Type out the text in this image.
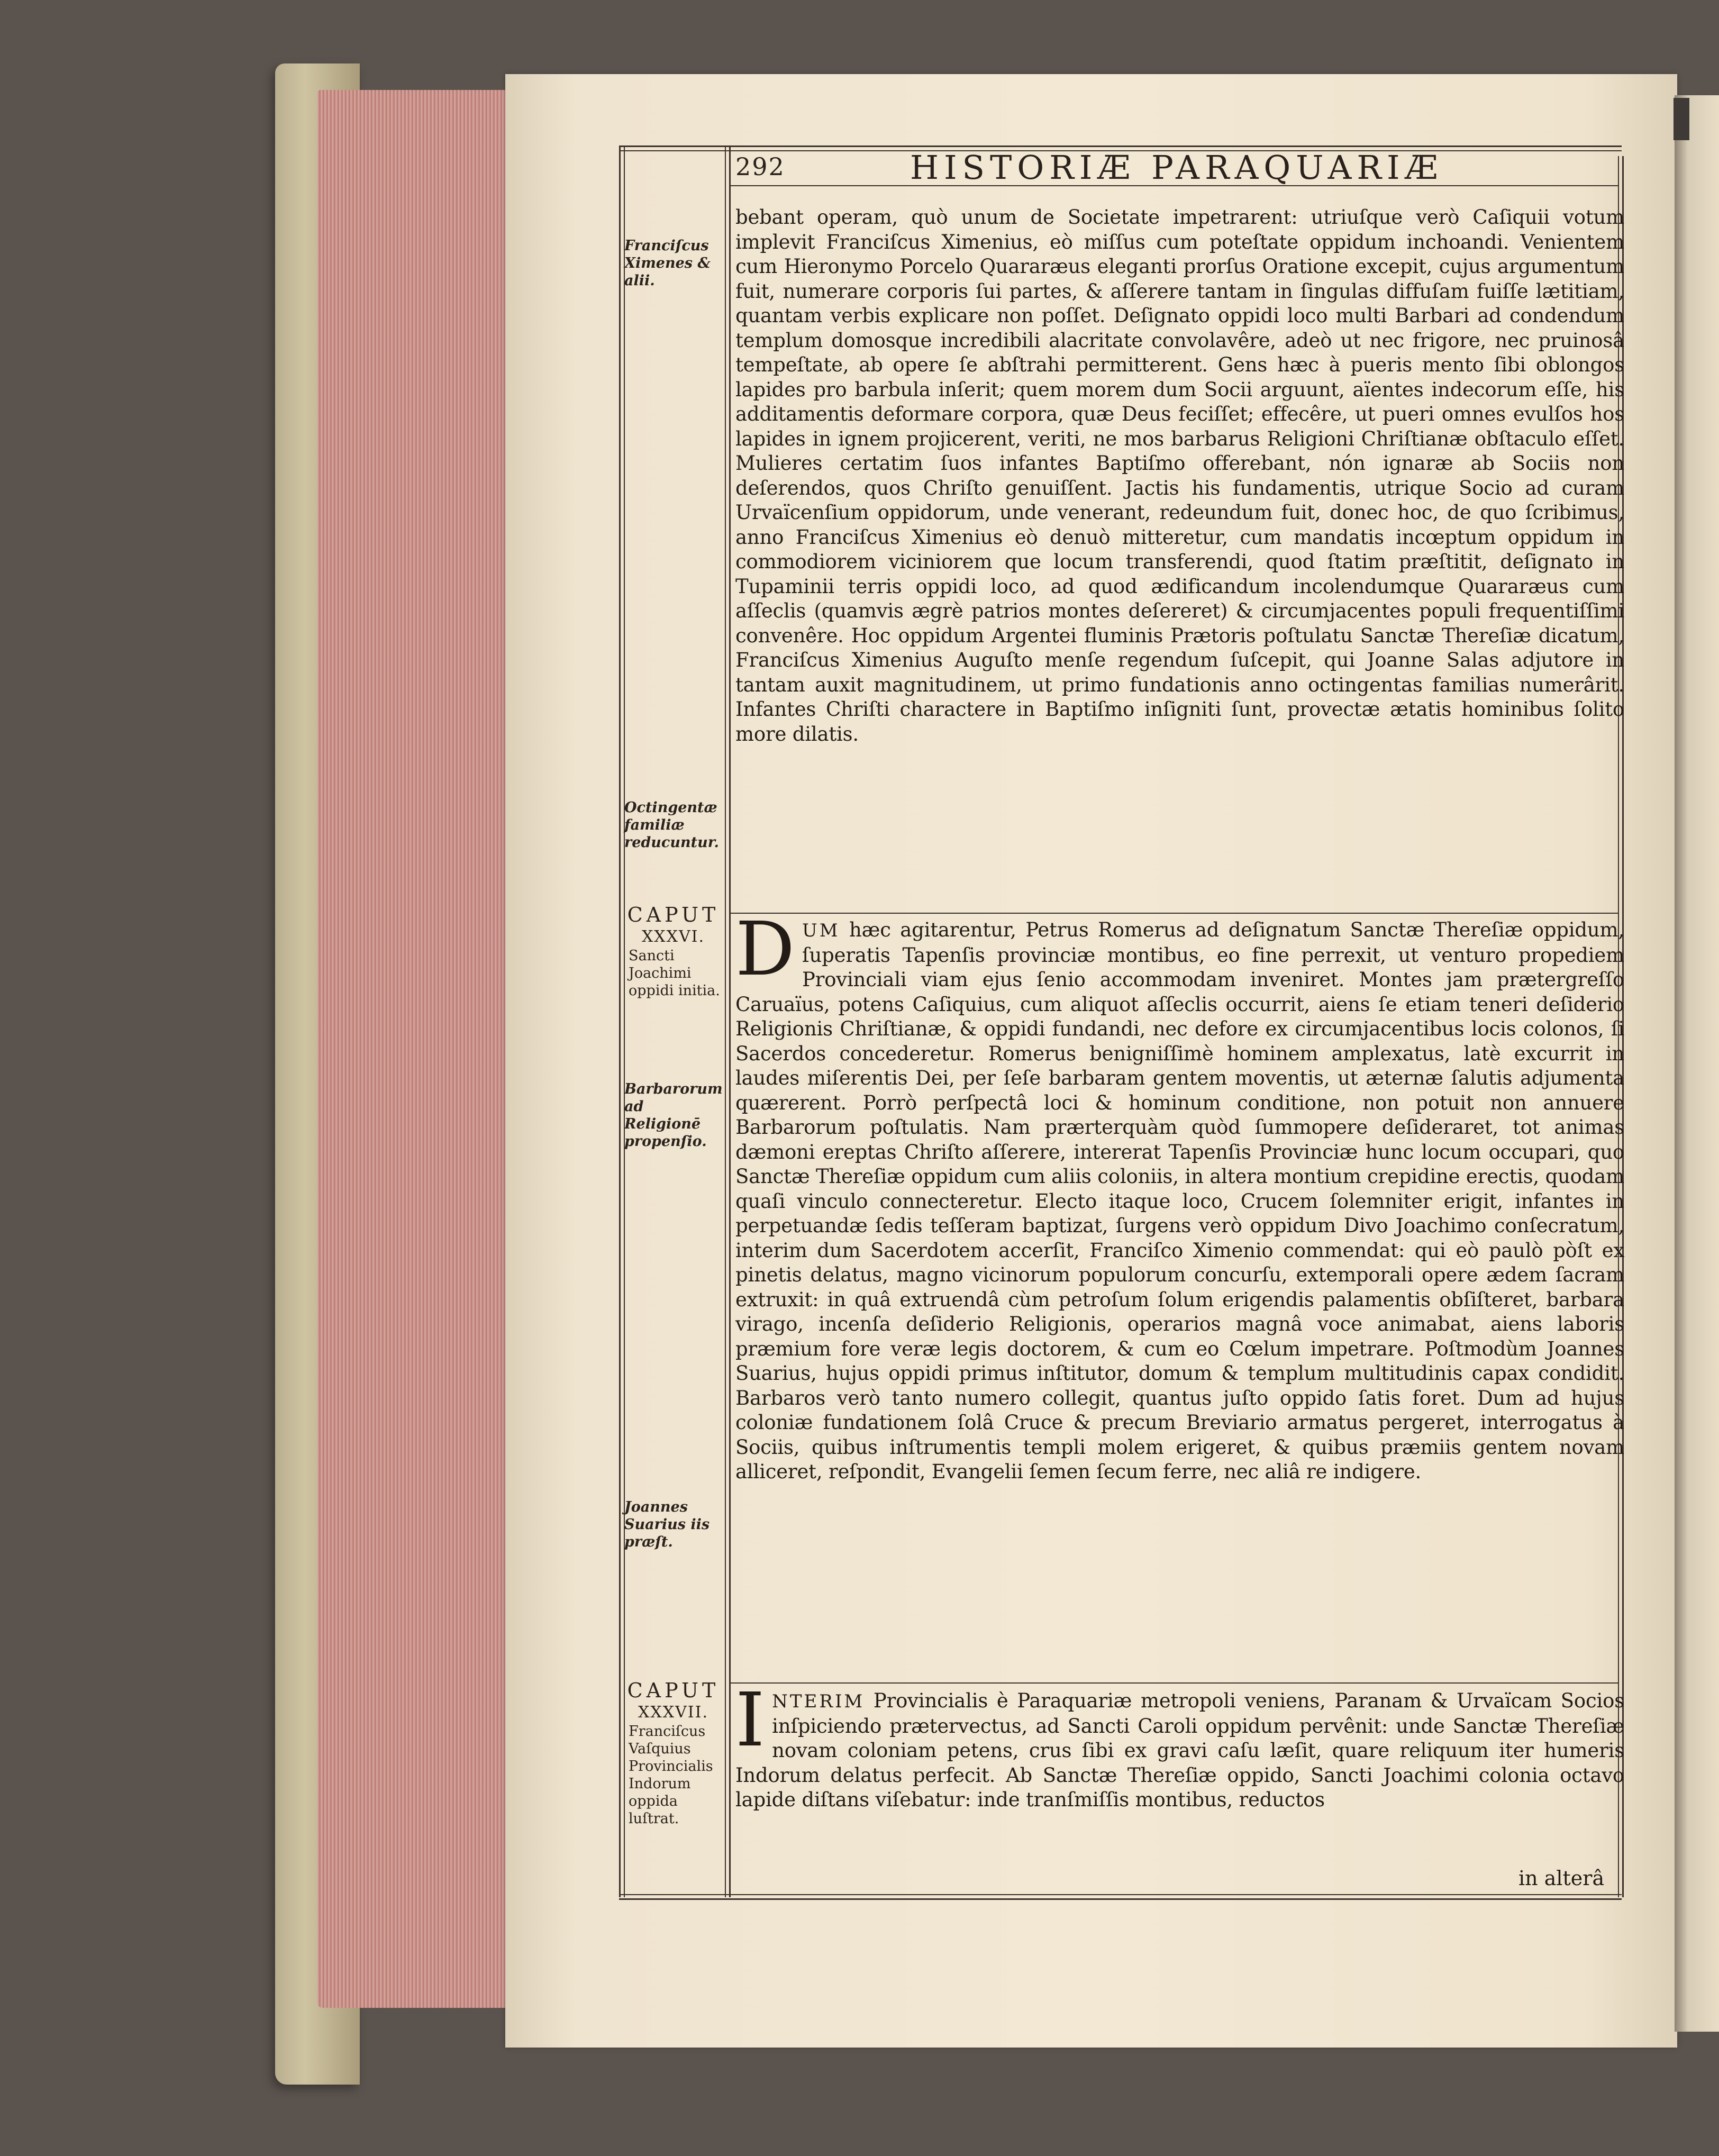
292	HISTORIÆ PARAQUARIÆ
Franciſcus Ximenes & alii.
Octingentæ familiæ reducuntur.
CAPUT
XXXVI.
Sancti Joachimi oppidi initia.
Barbarorum ad Religionē propenſio.
Joannes Suarius iis præſt.
CAPUT
XXXVII.
Franciſcus Vaſquius Provincialis Indorum oppida luſtrat.
bebant operam, quò unum de Societate impetrarent: utriuſque verò Caſiquii votum implevit Franciſcus Ximenius, eò miſſus cum poteſtate oppidum inchoandi. Venientem cum Hieronymo Porcelo Quararæus eleganti prorſus Oratione excepit, cujus argumentum fuit, numerare corporis ſui partes, & aſſerere tantam in ſingulas diffuſam fuiſſe lætitiam, quantam verbis explicare non poſſet. Deſignato oppidi loco multi Barbari ad condendum templum domosque incredibili alacritate convolavêre, adeò ut nec frigore, nec pruinosâ tempeſtate, ab opere ſe abſtrahi permitterent. Gens hæc à pueris mento ſibi oblongos lapides pro barbula inſerit; quem morem dum Socii arguunt, aïentes indecorum eſſe, his additamentis deformare corpora, quæ Deus feciſſet; effecêre, ut pueri omnes evulſos hos lapides in ignem projicerent, veriti, ne mos barbarus Religioni Chriſtianæ obſtaculo eſſet. Mulieres certatim ſuos infantes Baptiſmo offerebant, nón ignaræ ab Sociis non deſerendos, quos Chriſto genuiſſent. Jactis his fundamentis, utrique Socio ad curam Urvaïcenſium oppidorum, unde venerant, redeundum fuit, donec hoc, de quo ſcribimus, anno Franciſcus Ximenius eò denuò mitteretur, cum mandatis incœptum oppidum in commodiorem viciniorem que locum transferendi, quod ſtatim præſtitit, deſignato in Tupaminii terris oppidi loco, ad quod ædificandum incolendumque Quararæus cum aſſeclis (quamvis ægrè patrios montes deſereret) & circumjacentes populi frequentiſſimi convenêre. Hoc oppidum Argentei fluminis Prætoris poſtulatu Sanctæ Thereſiæ dicatum, Franciſcus Ximenius Auguſto menſe regendum ſuſcepit, qui Joanne Salas adjutore in tantam auxit magnitudinem, ut primo fundationis anno octingentas familias numerârit. Infantes Chriſti charactere in Baptiſmo inſigniti ſunt, provectæ ætatis hominibus ſolito more dilatis.
DUM hæc agitarentur, Petrus Romerus ad deſignatum Sanctæ Thereſiæ oppidum, ſuperatis Tapenſis provinciæ montibus, eo fine perrexit, ut venturo propediem Provinciali viam ejus ſenio accommodam inveniret. Montes jam prætergreſſo Caruaïus, potens Caſiquius, cum aliquot aſſeclis occurrit, aiens ſe etiam teneri deſiderio Religionis Chriſtianæ, & oppidi fundandi, nec defore ex circumjacentibus locis colonos, ſi Sacerdos concederetur. Romerus benigniſſimè hominem amplexatus, latè excurrit in laudes miſerentis Dei, per ſeſe barbaram gentem moventis, ut æternæ ſalutis adjumenta quærerent. Porrò perſpectâ loci & hominum conditione, non potuit non annuere Barbarorum poſtulatis. Nam prærterquàm quòd ſummopere deſideraret, tot animas dæmoni ereptas Chriſto aſſerere, intererat Tapenſis Provinciæ hunc locum occupari, quo Sanctæ Thereſiæ oppidum cum aliis coloniis, in altera montium crepidine erectis, quodam quaſi vinculo connecteretur. Electo itaque loco, Crucem ſolemniter erigit, infantes in perpetuandæ ſedis teſſeram baptizat, ſurgens verò oppidum Divo Joachimo conſecratum, interim dum Sacerdotem accerſit, Franciſco Ximenio commendat: qui eò paulò pòſt ex pinetis delatus, magno vicinorum populorum concurſu, extemporali opere ædem ſacram extruxit: in quâ extruendâ cùm petroſum ſolum erigendis palamentis obſiſteret, barbara virago, incenſa deſiderio Religionis, operarios magnâ voce animabat, aiens laboris præmium fore veræ legis doctorem, & cum eo Cœlum impetrare. Poſtmodùm Joannes Suarius, hujus oppidi primus inſtitutor, domum & templum multitudinis capax condidit. Barbaros verò tanto numero collegit, quantus juſto oppido ſatis foret. Dum ad hujus coloniæ fundationem ſolâ Cruce & precum Breviario armatus pergeret, interrogatus à Sociis, quibus inſtrumentis templi molem erigeret, & quibus præmiis gentem novam alliceret, reſpondit, Evangelii ſemen ſecum ferre, nec aliâ re indigere.
INTERIM Provincialis è Paraquariæ metropoli veniens, Paranam & Urvaïcam Socios inſpiciendo prætervectus, ad Sancti Caroli oppidum pervênit: unde Sanctæ Thereſiæ novam coloniam petens, crus ſibi ex gravi caſu læſit, quare reliquum iter humeris Indorum delatus perfecit. Ab Sanctæ Thereſiæ oppido, Sancti Joachimi colonia octavo lapide diſtans viſebatur: inde tranſmiſſis montibus, reductos
in alterâ
